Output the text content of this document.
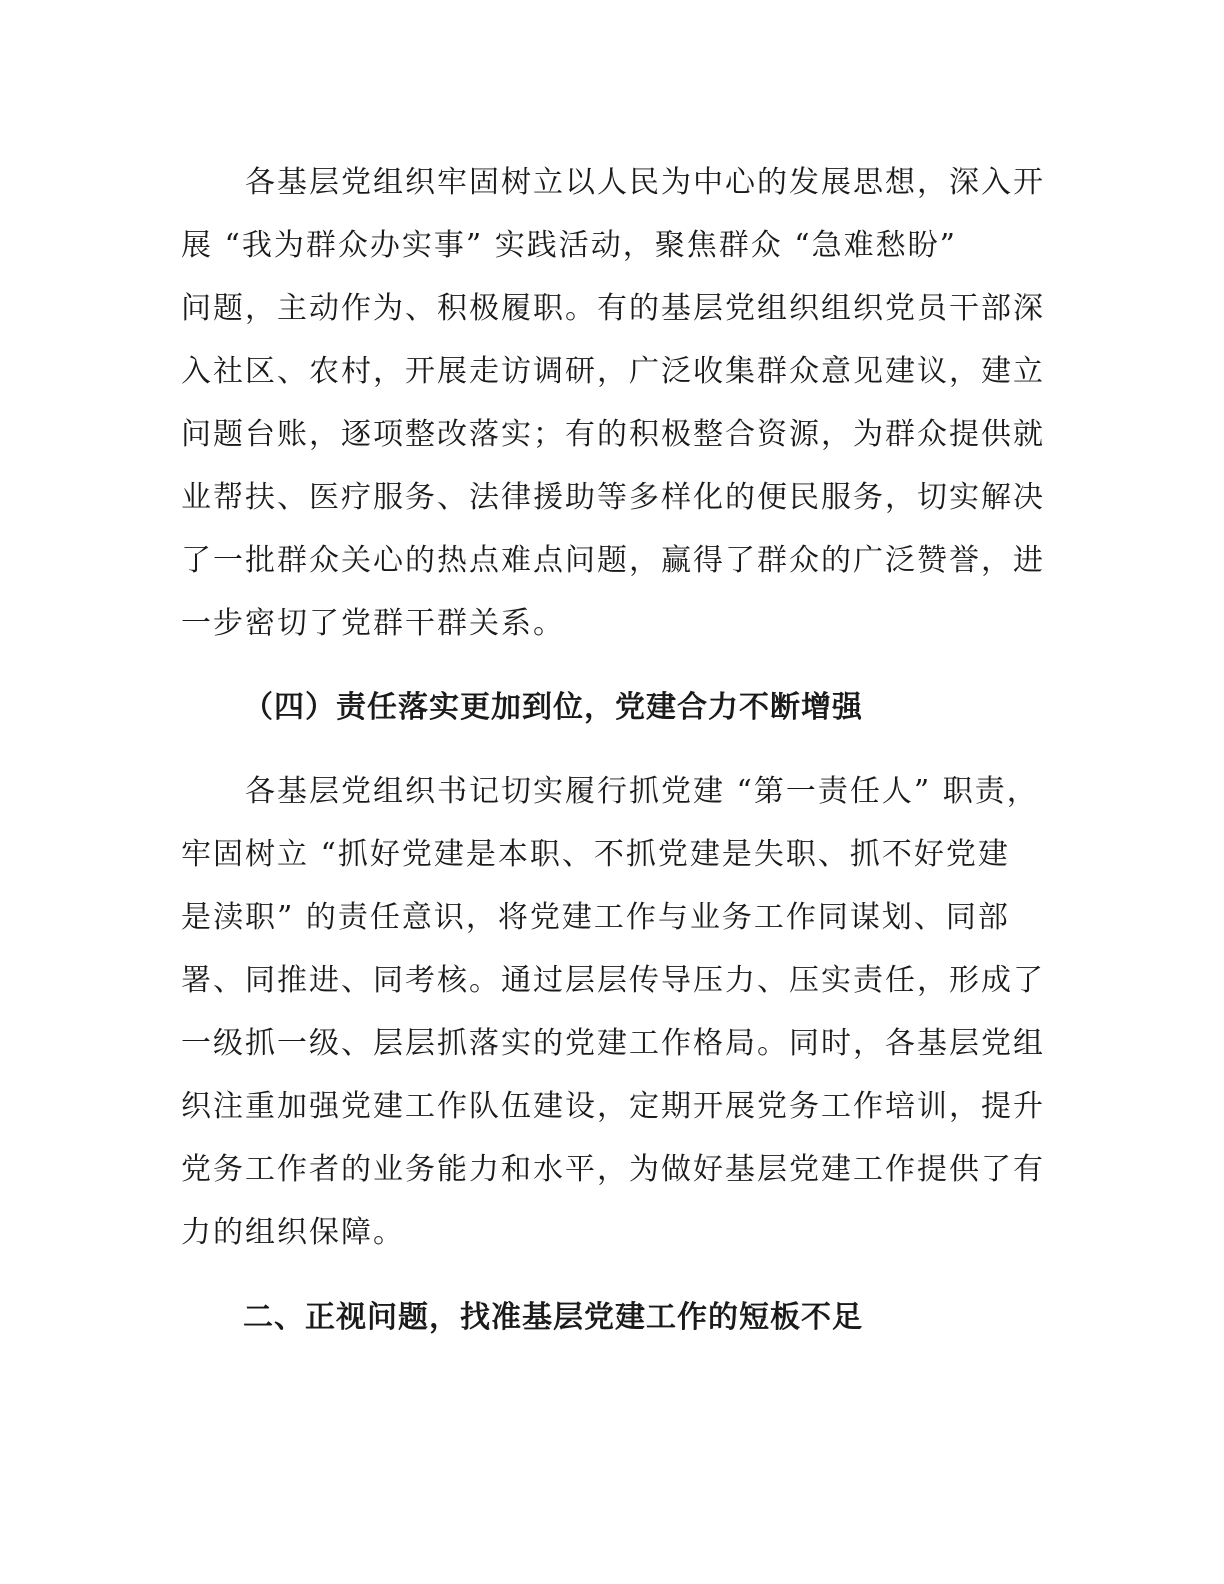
　　各基层党组织牢固树立以人民为中心的发展思想，深入开
展 “我为群众办实事” 实践活动，聚焦群众 “急难愁盼”
问题，主动作为、积极履职。有的基层党组织组织党员干部深
入社区、农村，开展走访调研，广泛收集群众意见建议，建立
问题台账，逐项整改落实；有的积极整合资源，为群众提供就
业帮扶、医疗服务、法律援助等多样化的便民服务，切实解决
了一批群众关心的热点难点问题，赢得了群众的广泛赞誉，进
一步密切了党群干群关系。
（四）责任落实更加到位，党建合力不断增强
　　各基层党组织书记切实履行抓党建 “第一责任人” 职责，
牢固树立 “抓好党建是本职、不抓党建是失职、抓不好党建
是渎职” 的责任意识，将党建工作与业务工作同谋划、同部
署、同推进、同考核。通过层层传导压力、压实责任，形成了
一级抓一级、层层抓落实的党建工作格局。同时，各基层党组
织注重加强党建工作队伍建设，定期开展党务工作培训，提升
党务工作者的业务能力和水平，为做好基层党建工作提供了有
力的组织保障。
二、正视问题，找准基层党建工作的短板不足
